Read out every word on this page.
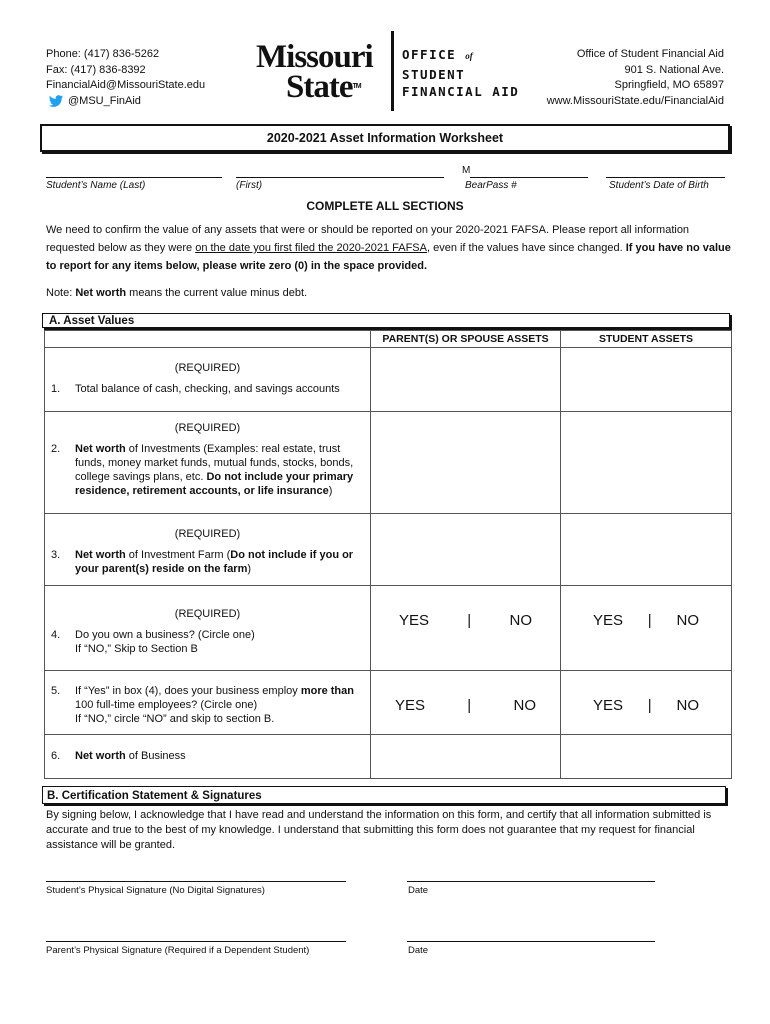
Phone: (417) 836-5262
Fax: (417) 836-8392
FinancialAid@MissouriState.edu
@MSU_FinAid
Missouri
StateTM
OFFICE of
STUDENT
FINANCIAL AID
Office of Student Financial Aid
901 S. National Ave.
Springfield, MO 65897
www.MissouriState.edu/FinancialAid
2020-2021 Asset Information Worksheet
Student’s Name (Last)	(First)
M
BearPass #	Student’s Date of Birth
COMPLETE ALL SECTIONS
We need to confirm the value of any assets that were or should be reported on your 2020-2021 FAFSA. Please report all information requested below as they were on the date you first filed the 2020-2021 FAFSA, even if the values have since changed. If you have no value to report for any items below, please write zero (0) in the space provided.
Note: Net worth means the current value minus debt.
A. Asset Values
	PARENT(S) OR SPOUSE ASSETS	STUDENT ASSETS

(REQUIRED)
1. Total balance of cash, checking, and savings accounts		

(REQUIRED)
2. Net worth of Investments (Examples: real estate, trust funds, money market funds, mutual funds, stocks, bonds, college savings plans, etc. Do not include your primary residence, retirement accounts, or life insurance)		

(REQUIRED)
3. Net worth of Investment Farm (Do not include if you or your parent(s) reside on the farm)		

(REQUIRED)
4. Do you own a business? (Circle one)
If “NO,” Skip to Section B	YES | NO	YES | NO

5. If “Yes” in box (4), does your business employ more than 100 full-time employees? (Circle one)
If “NO,” circle “NO” and skip to section B.	YES | NO	YES | NO

6. Net worth of Business		

B. Certification Statement & Signatures
By signing below, I acknowledge that I have read and understand the information on this form, and certify that all information submitted is accurate and true to the best of my knowledge. I understand that submitting this form does not guarantee that my request for financial assistance will be granted.
Student’s Physical Signature (No Digital Signatures)	Date
Parent’s Physical Signature (Required if a Dependent Student)	Date
